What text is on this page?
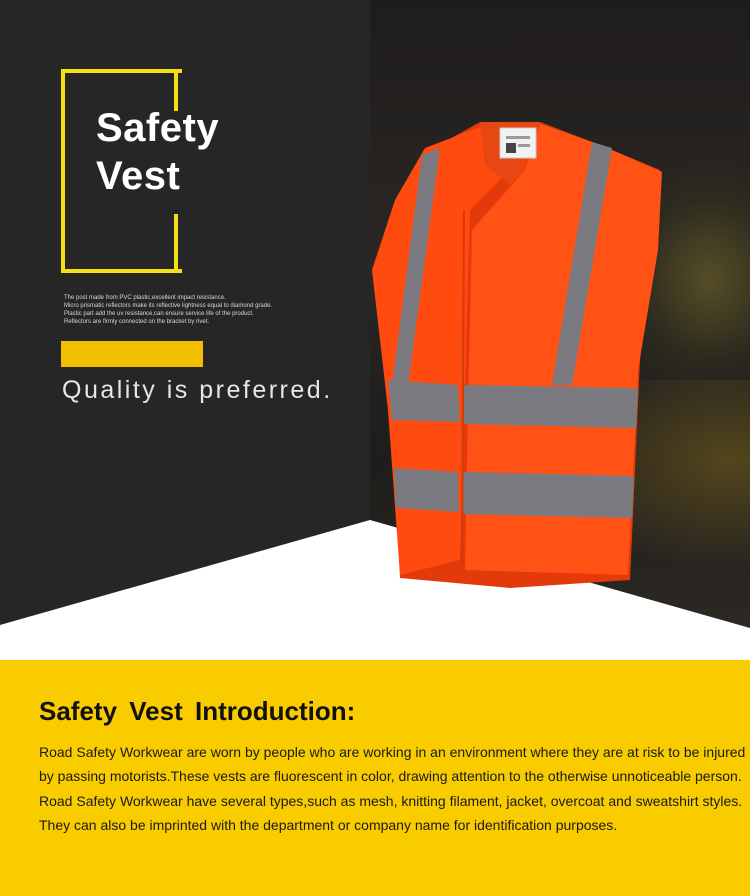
Safety
Vest
The post made from PVC plastic,excellent impact resistance.
Micro prismatic reflectors make its reflective lightness equal to diamond grade.
Plastic part add the uv resistance,can ensure service life of the product.
Reflectors are firmly connected on the bracket by rivet.
Quality is preferred.
Safety Vest Introduction:

Road Safety Workwear are worn by people who are working in an environment where they are at risk to be injured

by passing motorists.These vests are fluorescent in color, drawing attention to the otherwise unnoticeable person.

Road Safety Workwear have several types,such as mesh, knitting filament, jacket, overcoat and sweatshirt styles.

They can also be imprinted with the department or company name for identification purposes.
